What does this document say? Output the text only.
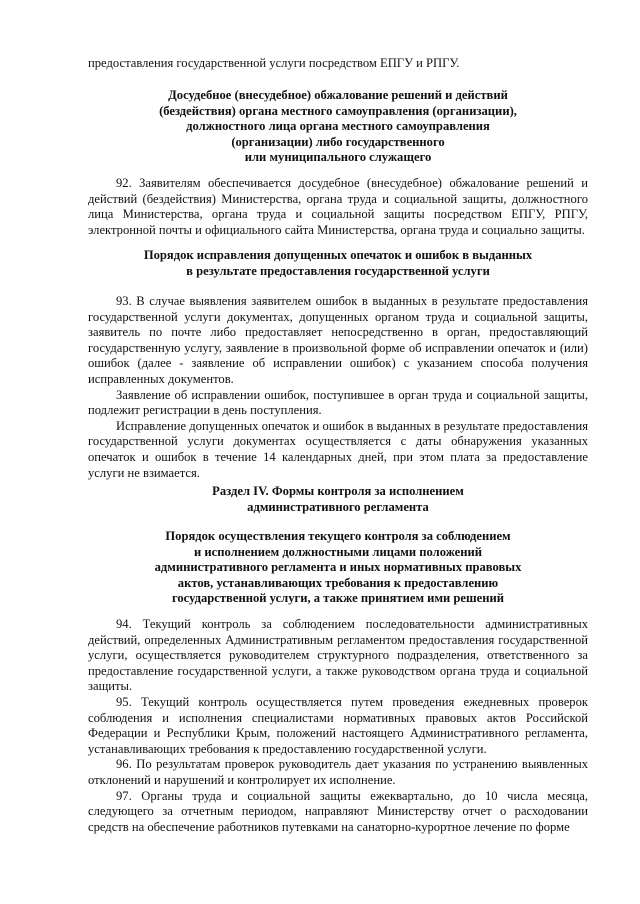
предоставления государственной услуги посредством ЕПГУ и РПГУ.

Досудебное (внесудебное) обжалование решений и действий
(бездействия) органа местного самоуправления (организации),
должностного лица органа местного самоуправления
(организации) либо государственного
или муниципального служащего

92. Заявителям обеспечивается досудебное (внесудебное) обжалование решений и действий (бездействия) Министерства, органа труда и социальной защиты, должностного лица Министерства, органа труда и социальной защиты посредством ЕПГУ, РПГУ, электронной почты и официального сайта Министерства, органа труда и социально защиты.

Порядок исправления допущенных опечаток и ошибок в выданных
в результате предоставления государственной услуги

93. В случае выявления заявителем ошибок в выданных в результате предоставления государственной услуги документах, допущенных органом труда и социальной защиты, заявитель по почте либо предоставляет непосредственно в орган, предоставляющий государственную услугу, заявление в произвольной форме об исправлении опечаток и (или) ошибок (далее - заявление об исправлении ошибок) с указанием способа получения исправленных документов.

Заявление об исправлении ошибок, поступившее в орган труда и социальной защиты, подлежит регистрации в день поступления.

Исправление допущенных опечаток и ошибок в выданных в результате предоставления государственной услуги документах осуществляется с даты обнаружения указанных опечаток и ошибок в течение 14 календарных дней, при этом плата за предоставление услуги не взимается.

Раздел IV. Формы контроля за исполнением
административного регламента
Порядок осуществления текущего контроля за соблюдением
и исполнением должностными лицами положений
административного регламента и иных нормативных правовых
актов, устанавливающих требования к предоставлению
государственной услуги, а также принятием ими решений

94. Текущий контроль за соблюдением последовательности административных действий, определенных Административным регламентом предоставления государственной услуги, осуществляется руководителем структурного подразделения, ответственного за предоставление государственной услуги, а также руководством органа труда и социальной защиты.

95. Текущий контроль осуществляется путем проведения ежедневных проверок соблюдения и исполнения специалистами нормативных правовых актов Российской Федерации и Республики Крым, положений настоящего Административного регламента, устанавливающих требования к предоставлению государственной услуги.

96. По результатам проверок руководитель дает указания по устранению выявленных отклонений и нарушений и контролирует их исполнение.

97. Органы труда и социальной защиты ежеквартально, до 10 числа месяца, следующего за отчетным периодом, направляют Министерству отчет о расходовании средств на обеспечение работников путевками на санаторно-курортное лечение по форме
